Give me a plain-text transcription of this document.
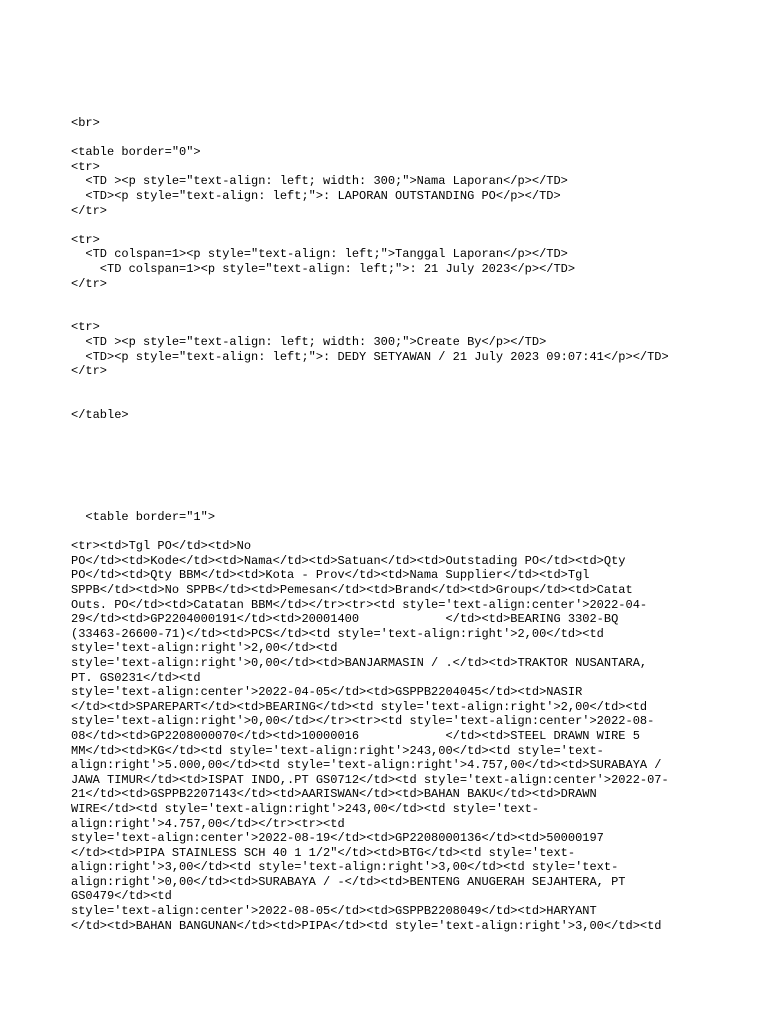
<br>
<table border="0">
<tr>
<TD ><p style="text-align: left; width: 300;">Nama Laporan</p></TD>
<TD><p style="text-align: left;">: LAPORAN OUTSTANDING PO</p></TD>
</tr>
<tr>
<TD colspan=1><p style="text-align: left;">Tanggal Laporan</p></TD>
<TD colspan=1><p style="text-align: left;">: 21 July 2023</p></TD>
</tr>
<tr>
<TD ><p style="text-align: left; width: 300;">Create By</p></TD>
<TD><p style="text-align: left;">: DEDY SETYAWAN / 21 July 2023 09:07:41</p></TD>
</tr>
</table>
<table border="1">
<tr><td>Tgl PO</td><td>No
PO</td><td>Kode</td><td>Nama</td><td>Satuan</td><td>Outstading PO</td><td>Qty
PO</td><td>Qty BBM</td><td>Kota - Prov</td><td>Nama Supplier</td><td>Tgl
SPPB</td><td>No SPPB</td><td>Pemesan</td><td>Brand</td><td>Group</td><td>Catat
Outs. PO</td><td>Catatan BBM</td></tr><tr><td style='text-align:center'>2022-04-
29</td><td>GP2204000191</td><td>20001400            </td><td>BEARING 3302-BQ
(33463-26600-71)</td><td>PCS</td><td style='text-align:right'>2,00</td><td
style='text-align:right'>2,00</td><td
style='text-align:right'>0,00</td><td>BANJARMASIN / .</td><td>TRAKTOR NUSANTARA,
PT. GS0231</td><td
style='text-align:center'>2022-04-05</td><td>GSPPB2204045</td><td>NASIR
</td><td>SPAREPART</td><td>BEARING</td><td style='text-align:right'>2,00</td><td
style='text-align:right'>0,00</td></tr><tr><td style='text-align:center'>2022-08-
08</td><td>GP2208000070</td><td>10000016            </td><td>STEEL DRAWN WIRE 5
MM</td><td>KG</td><td style='text-align:right'>243,00</td><td style='text-
align:right'>5.000,00</td><td style='text-align:right'>4.757,00</td><td>SURABAYA /
JAWA TIMUR</td><td>ISPAT INDO,.PT GS0712</td><td style='text-align:center'>2022-07-
21</td><td>GSPPB2207143</td><td>AARISWAN</td><td>BAHAN BAKU</td><td>DRAWN
WIRE</td><td style='text-align:right'>243,00</td><td style='text-
align:right'>4.757,00</td></tr><tr><td
style='text-align:center'>2022-08-19</td><td>GP2208000136</td><td>50000197
</td><td>PIPA STAINLESS SCH 40 1 1/2"</td><td>BTG</td><td style='text-
align:right'>3,00</td><td style='text-align:right'>3,00</td><td style='text-
align:right'>0,00</td><td>SURABAYA / -</td><td>BENTENG ANUGERAH SEJAHTERA, PT
GS0479</td><td
style='text-align:center'>2022-08-05</td><td>GSPPB2208049</td><td>HARYANT
</td><td>BAHAN BANGUNAN</td><td>PIPA</td><td style='text-align:right'>3,00</td><td
